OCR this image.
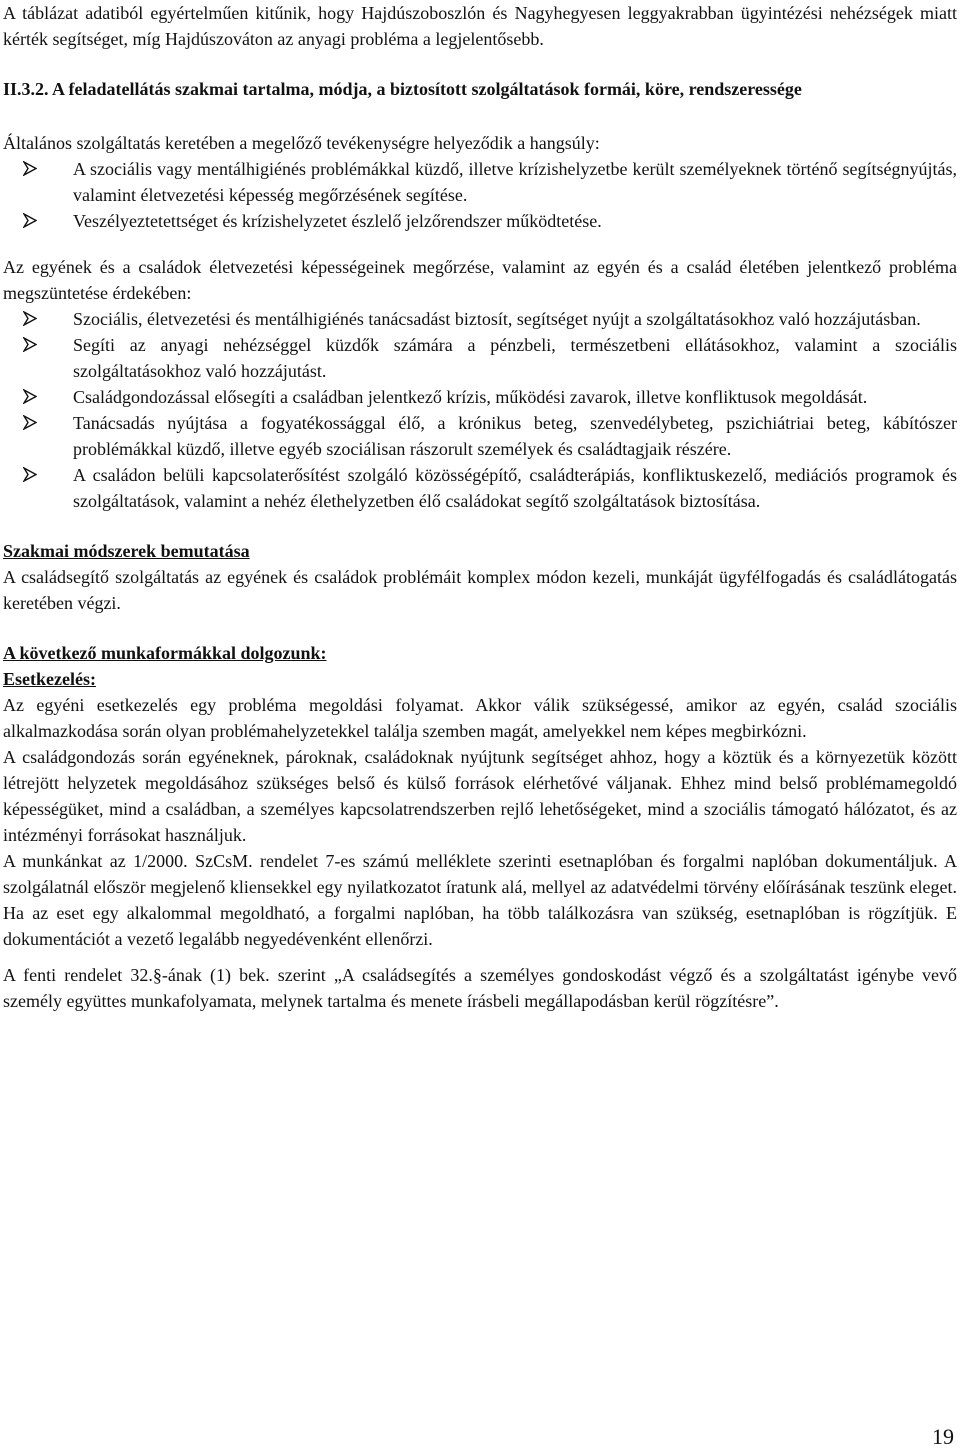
A táblázat adatiból egyértelműen kitűnik, hogy Hajdúszoboszlón és Nagyhegyesen leggyakrabban ügyintézési nehézségek miatt kérték segítséget, míg Hajdúszováton az anyagi probléma a legjelentősebb.

II.3.2. A feladatellátás szakmai tartalma, módja, a biztosított szolgáltatások formái, köre, rendszeressége

Általános szolgáltatás keretében a megelőző tevékenységre helyeződik a hangsúly:

A szociális vagy mentálhigiénés problémákkal küzdő, illetve krízishelyzetbe került személyeknek történő segítségnyújtás, valamint életvezetési képesség megőrzésének segítése.
Veszélyeztetettséget és krízishelyzetet észlelő jelzőrendszer működtetése.

Az egyének és a családok életvezetési képességeinek megőrzése, valamint az egyén és a család életében jelentkező probléma megszüntetése érdekében:

Szociális, életvezetési és mentálhigiénés tanácsadást biztosít, segítséget nyújt a szolgáltatásokhoz való hozzájutásban.
Segíti az anyagi nehézséggel küzdők számára a pénzbeli, természetbeni ellátásokhoz, valamint a szociális szolgáltatásokhoz való hozzájutást.
Családgondozással elősegíti a családban jelentkező krízis, működési zavarok, illetve konfliktusok megoldását.
Tanácsadás nyújtása a fogyatékossággal élő, a krónikus beteg, szenvedélybeteg, pszichiátriai beteg, kábítószer problémákkal küzdő, illetve egyéb szociálisan rászorult személyek és családtagjaik részére.
A családon belüli kapcsolaterősítést szolgáló közösségépítő, családterápiás, konfliktuskezelő, mediációs programok és szolgáltatások, valamint a nehéz élethelyzetben élő családokat segítő szolgáltatások biztosítása.

Szakmai módszerek bemutatása

A családsegítő szolgáltatás az egyének és családok problémáit komplex módon kezeli, munkáját ügyfélfogadás és családlátogatás keretében végzi.

A következő munkaformákkal dolgozunk:

Esetkezelés:

Az egyéni esetkezelés egy probléma megoldási folyamat. Akkor válik szükségessé, amikor az egyén, család szociális alkalmazkodása során olyan problémahelyzetekkel találja szemben magát, amelyekkel nem képes megbirkózni.

A családgondozás során egyéneknek, pároknak, családoknak nyújtunk segítséget ahhoz, hogy a köztük és a környezetük között létrejött helyzetek megoldásához szükséges belső és külső források elérhetővé váljanak. Ehhez mind belső problémamegoldó képességüket, mind a családban, a személyes kapcsolatrendszerben rejlő lehetőségeket, mind a szociális támogató hálózatot, és az intézményi forrásokat használjuk.

A munkánkat az 1/2000. SzCsM. rendelet 7-es számú melléklete szerinti esetnaplóban és forgalmi naplóban dokumentáljuk. A szolgálatnál először megjelenő kliensekkel egy nyilatkozatot íratunk alá, mellyel az adatvédelmi törvény előírásának teszünk eleget. Ha az eset egy alkalommal megoldható, a forgalmi naplóban, ha több találkozásra van szükség, esetnaplóban is rögzítjük. E dokumentációt a vezető legalább negyedévenként ellenőrzi.

A fenti rendelet 32.§-ának (1) bek. szerint „A családsegítés a személyes gondoskodást végző és a szolgáltatást igénybe vevő személy együttes munkafolyamata, melynek tartalma és menete írásbeli megállapodásban kerül rögzítésre”.

19
